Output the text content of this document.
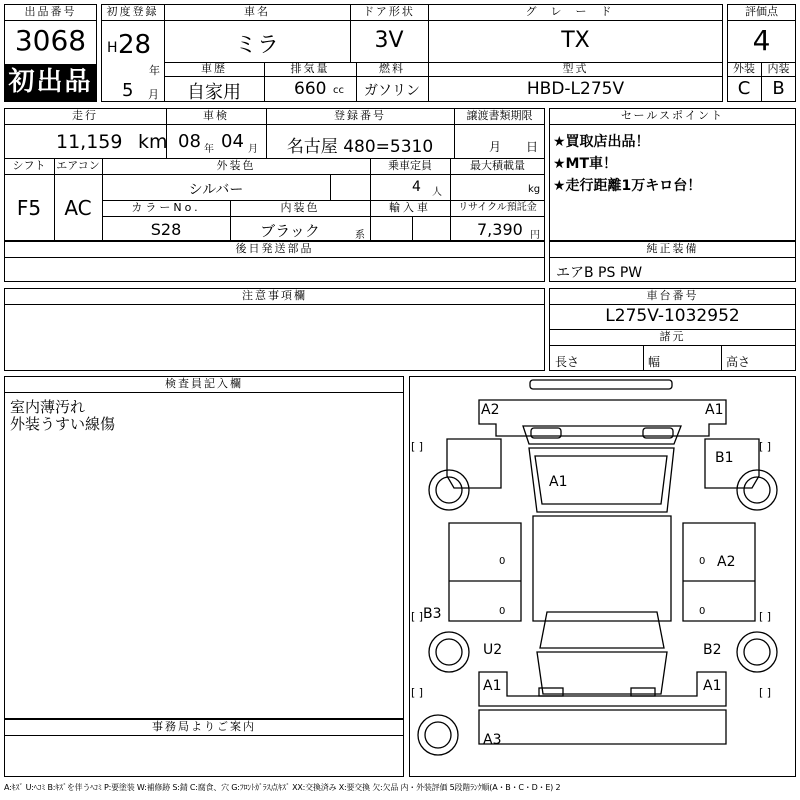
出品番号
3068
初出品
初度登録
H 28
年
5 月
車名
ミラ
ドア形状
3V
グレード
TX
車歴
自家用
排気量
660 cc
燃料
ガソリン
型式
HBD-L275V
評価点
4
外装	内装
C	B
走行
11,159 km
車検
08 年 04 月
登録番号
名古屋 480=5310
譲渡書類期限
月 日
シフト
F5
エアコン
AC
外装色
シルバー
乗車定員
4 人
最大積載量
kg
カラーNo.
S28
内装色
ブラック	系
輸入車	リサイクル預託金
7,390 円
セールスポイント
★買取店出品！
★MT車！
★走行距離1万キロ台！
後日発送部品	純正装備
エアB PS PW
注意事項欄	車台番号
L275V-1032952
諸元
長さ	幅	高さ
検査員記入欄
室内薄汚れ
外装うすい線傷
事務局よりご案内
[ ]	[ ]
[ ]	[ ]
[ ]	[ ]
A2	A1
B1
A1
A2
B3
U2	B2
A1	A1
A3
0
0
0
0
A:ｷｽﾞ U:ﾍｺﾐ B:ｷｽﾞを伴うﾍｺﾐ P:要塗装 W:補修跡 S:錆 C:腐食、穴 G:ﾌﾛﾝﾄｶﾞﾗｽ点ｷｽﾞ XX:交換済み X:要交換 欠:欠品 内・外装評価 5段階ﾗﾝｸ順(A・B・C・D・E) 2
